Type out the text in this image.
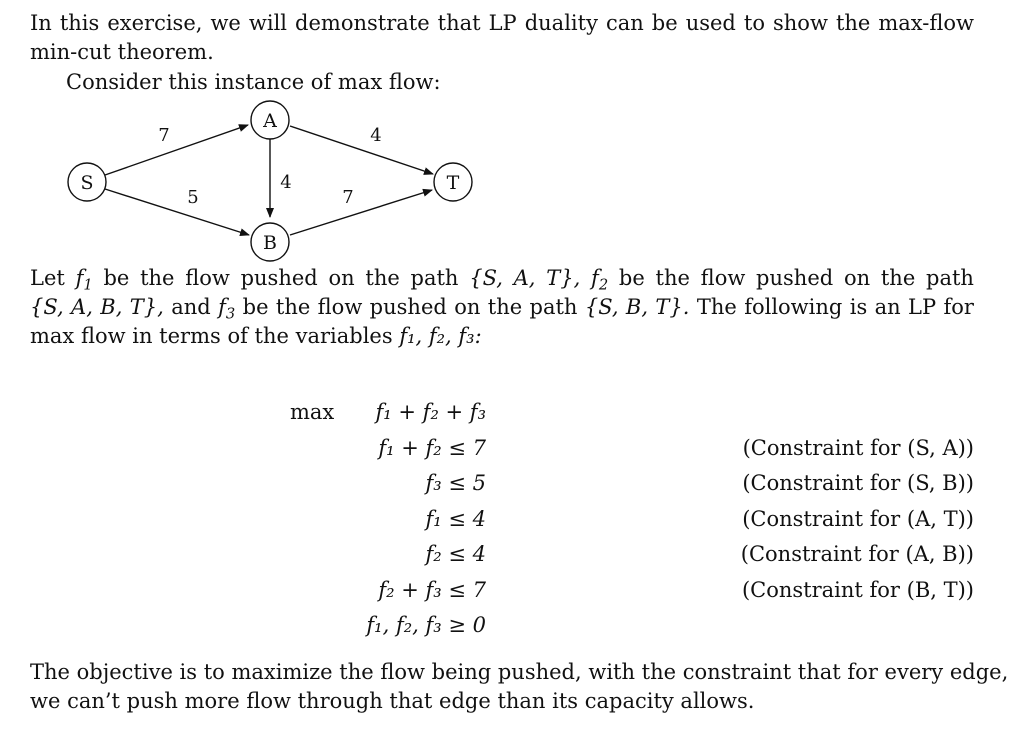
In this exercise, we will demonstrate that LP duality can be used to show the max-flow
min-cut theorem.
Consider this instance of max flow:
S
A
T
B
7	4
4
5	7
Let $f_1$ be the flow pushed on the path {S, A, T}, $f_2$ be the flow pushed on the path
{S, A, B, T}, and $f_3$ be the flow pushed on the path {S, B, T}. The following is an LP for
max flow in terms of the variables f₁, f₂, f₃:
max f₁ + f₂ + f₃
f₁ + f₂ ≤ 7	(Constraint for (S, A))
f₃ ≤ 5	(Constraint for (S, B))
f₁ ≤ 4	(Constraint for (A, T))
f₂ ≤ 4	(Constraint for (A, B))
f₂ + f₃ ≤ 7	(Constraint for (B, T))
f₁, f₂, f₃ ≥ 0
The objective is to maximize the flow being pushed, with the constraint that for every edge,
we can’t push more flow through that edge than its capacity allows.
